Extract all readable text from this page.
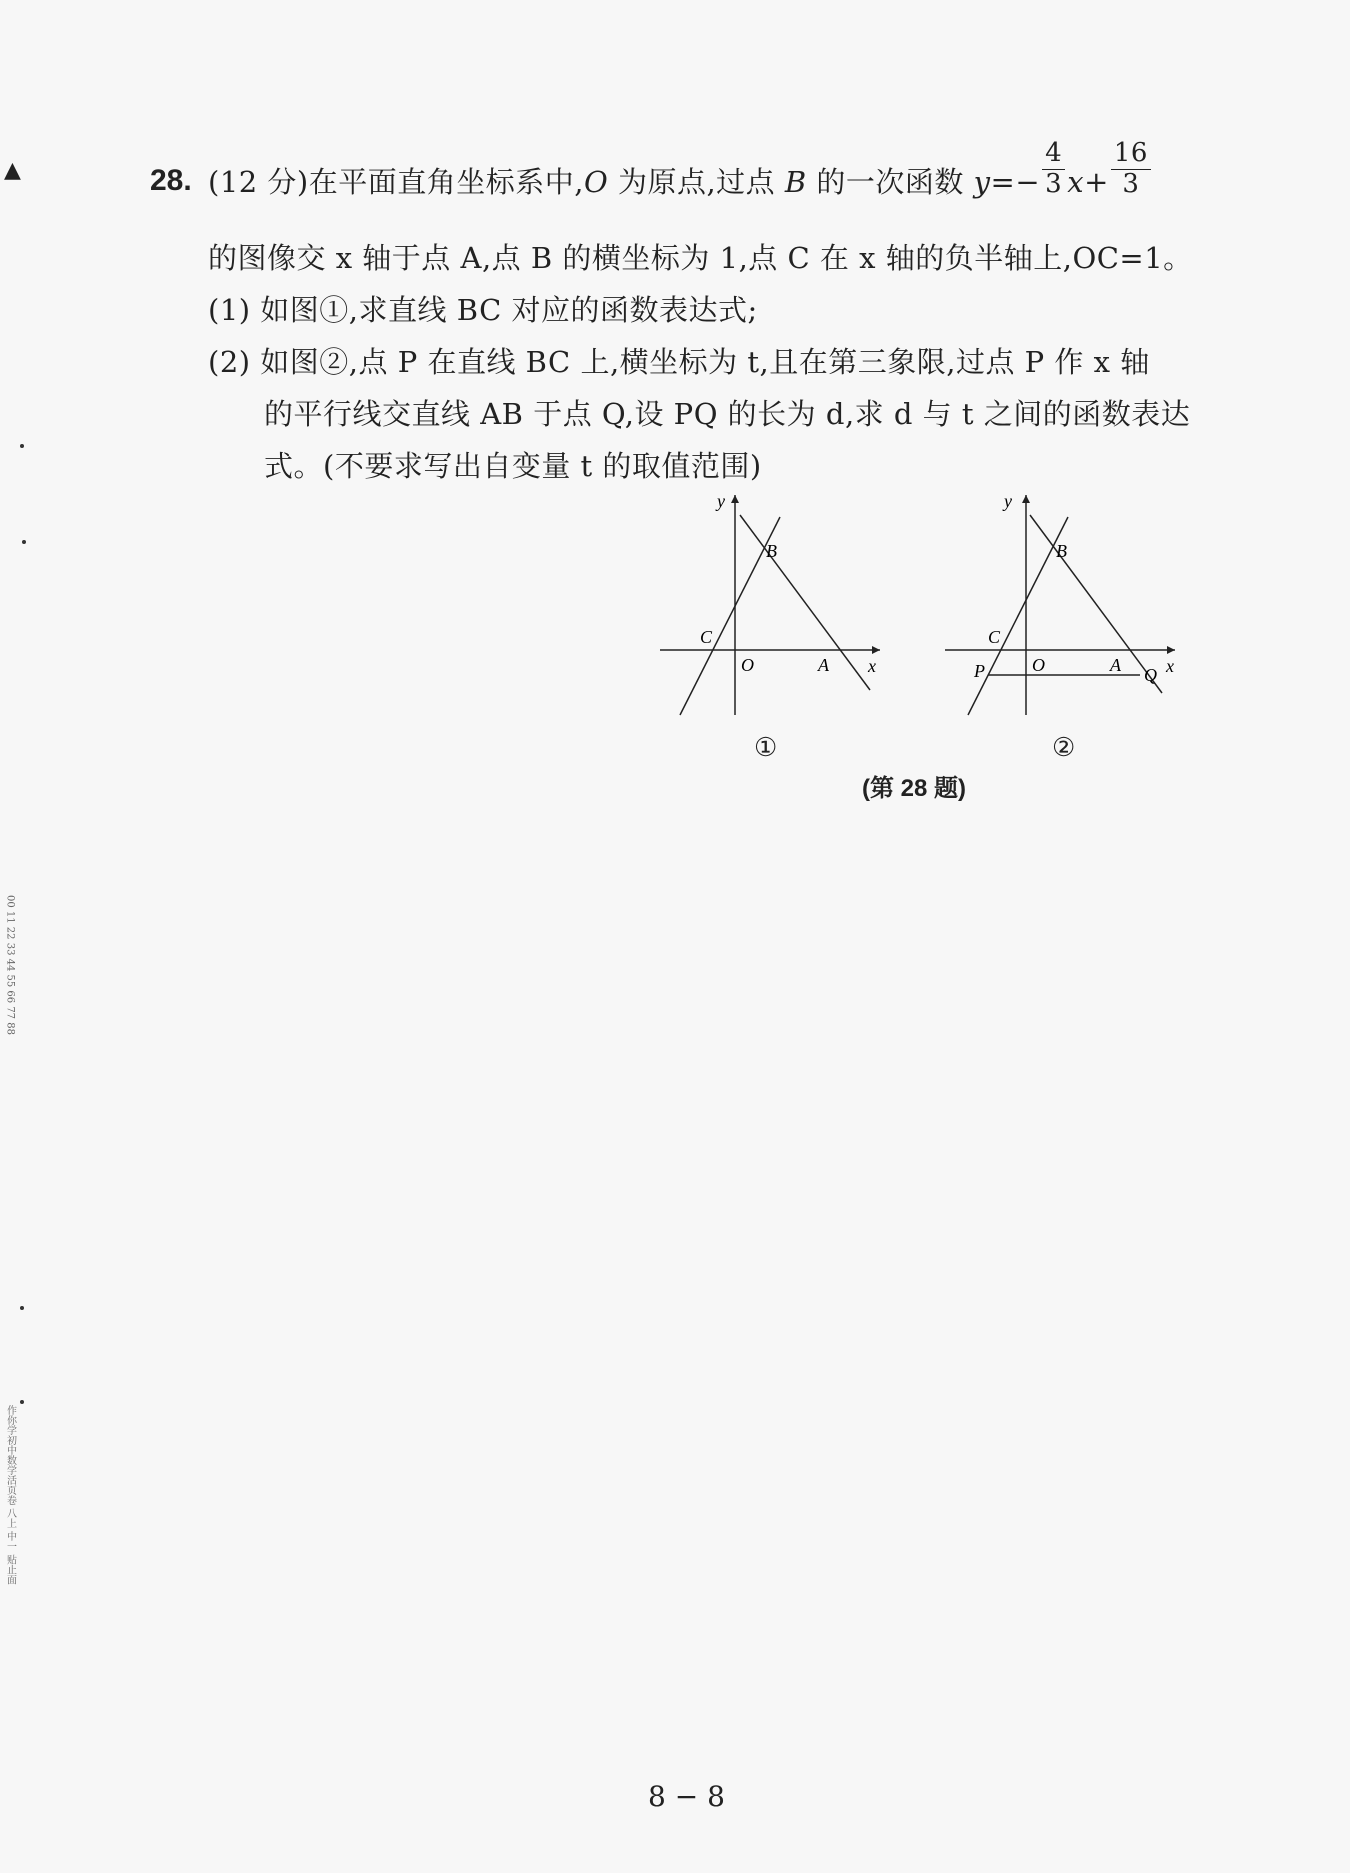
▲
00 11 22 33 44 55 66 77 88
作你学初中数学活页卷 八上 中一 贴止面
28. (12 分)在平面直角坐标系中,O 为原点,过点 B 的一次函数 $y=- \frac{4}{3} x+ \frac{16}{3}$
的图像交 x 轴于点 A,点 B 的横坐标为 1,点 C 在 x 轴的负半轴上,OC=1。
(1) 如图①,求直线 BC 对应的函数表达式;
(2) 如图②,点 P 在直线 BC 上,横坐标为 t,且在第三象限,过点 P 作 x 轴
的平行线交直线 AB 于点 Q,设 PQ 的长为 d,求 d 与 t 之间的函数表达
式。(不要求写出自变量 t 的取值范围)
y
x
B
C
O	A
①
y
x
B
C
O	A
P	Q
②
(第 28 题)
8 − 8
